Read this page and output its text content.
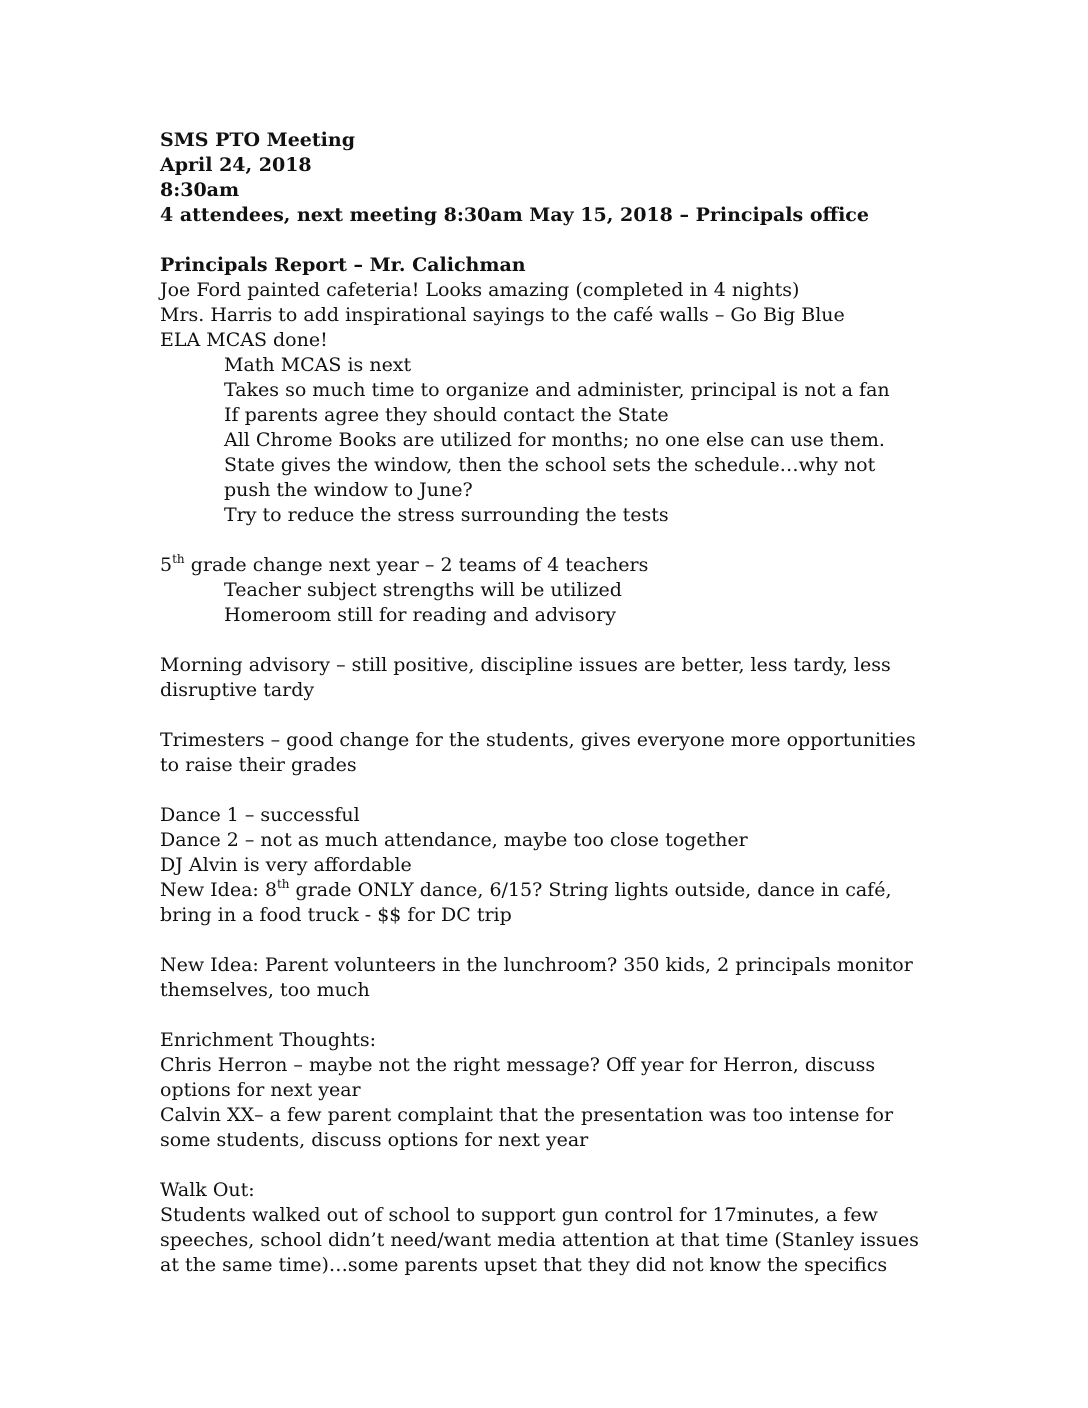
SMS PTO Meeting
April 24, 2018
8:30am
4 attendees, next meeting 8:30am May 15, 2018 – Principals office
Principals Report – Mr. Calichman
Joe Ford painted cafeteria! Looks amazing (completed in 4 nights)
Mrs. Harris to add inspirational sayings to the café walls – Go Big Blue
ELA MCAS done!
Math MCAS is next
Takes so much time to organize and administer, principal is not a fan
If parents agree they should contact the State
All Chrome Books are utilized for months; no one else can use them.
State gives the window, then the school sets the schedule…why not push the window to June?
Try to reduce the stress surrounding the tests
5th grade change next year – 2 teams of 4 teachers
Teacher subject strengths will be utilized
Homeroom still for reading and advisory
Morning advisory – still positive, discipline issues are better, less tardy, less disruptive tardy
Trimesters – good change for the students, gives everyone more opportunities to raise their grades
Dance 1 – successful
Dance 2 – not as much attendance, maybe too close together
DJ Alvin is very affordable
New Idea: 8th grade ONLY dance, 6/15? String lights outside, dance in café, bring in a food truck - $$ for DC trip
New Idea: Parent volunteers in the lunchroom? 350 kids, 2 principals monitor themselves, too much
Enrichment Thoughts:
Chris Herron – maybe not the right message? Off year for Herron, discuss options for next year
Calvin XX– a few parent complaint that the presentation was too intense for some students, discuss options for next year
Walk Out:
Students walked out of school to support gun control for 17minutes, a few speeches, school didn’t need/want media attention at that time (Stanley issues at the same time)…some parents upset that they did not know the specifics
